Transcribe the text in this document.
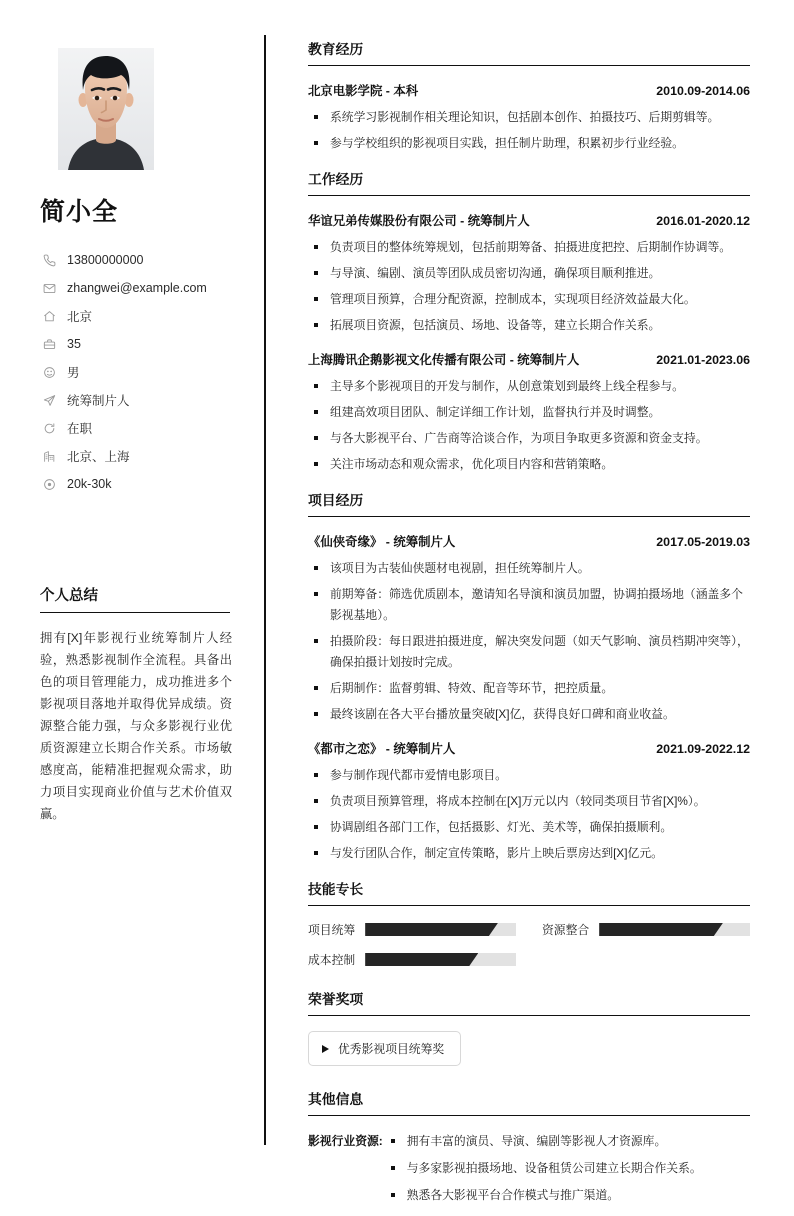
简小全
13800000000
zhangwei@example.com
北京
35
男
统筹制片人
在职
北京、上海
20k-30k
个人总结

拥有[X]年影视行业统筹制片人经验，熟悉影视制作全流程。具备出色的项目管理能力，成功推进多个影视项目落地并取得优异成绩。资源整合能力强，与众多影视行业优质资源建立长期合作关系。市场敏感度高，能精准把握观众需求，助力项目实现商业价值与艺术价值双赢。

教育经历
北京电影学院 - 本科	2010.09-2014.06
系统学习影视制作相关理论知识，包括剧本创作、拍摄技巧、后期剪辑等。
参与学校组织的影视项目实践，担任制片助理，积累初步行业经验。
工作经历
华谊兄弟传媒股份有限公司 - 统筹制片人	2016.01-2020.12
负责项目的整体统筹规划，包括前期筹备、拍摄进度把控、后期制作协调等。
与导演、编剧、演员等团队成员密切沟通，确保项目顺利推进。
管理项目预算，合理分配资源，控制成本，实现项目经济效益最大化。
拓展项目资源，包括演员、场地、设备等，建立长期合作关系。
上海腾讯企鹅影视文化传播有限公司 - 统筹制片人	2021.01-2023.06
主导多个影视项目的开发与制作，从创意策划到最终上线全程参与。
组建高效项目团队、制定详细工作计划，监督执行并及时调整。
与各大影视平台、广告商等洽谈合作，为项目争取更多资源和资金支持。
关注市场动态和观众需求，优化项目内容和营销策略。
项目经历
《仙侠奇缘》 - 统筹制片人	2017.05-2019.03
该项目为古装仙侠题材电视剧，担任统筹制片人。
前期筹备：筛选优质剧本，邀请知名导演和演员加盟，协调拍摄场地（涵盖多个影视基地）。
拍摄阶段：每日跟进拍摄进度，解决突发问题（如天气影响、演员档期冲突等），确保拍摄计划按时完成。
后期制作：监督剪辑、特效、配音等环节，把控质量。
最终该剧在各大平台播放量突破[X]亿，获得良好口碑和商业收益。
《都市之恋》 - 统筹制片人	2021.09-2022.12
参与制作现代都市爱情电影项目。
负责项目预算管理，将成本控制在[X]万元以内（较同类项目节省[X]%）。
协调剧组各部门工作，包括摄影、灯光、美术等，确保拍摄顺利。
与发行团队合作，制定宣传策略，影片上映后票房达到[X]亿元。
技能专长
项目统筹	资源整合
成本控制
荣誉奖项
优秀影视项目统筹奖
其他信息
影视行业资源:	拥有丰富的演员、导演、编剧等影视人才资源库。
与多家影视拍摄场地、设备租赁公司建立长期合作关系。
熟悉各大影视平台合作模式与推广渠道。
